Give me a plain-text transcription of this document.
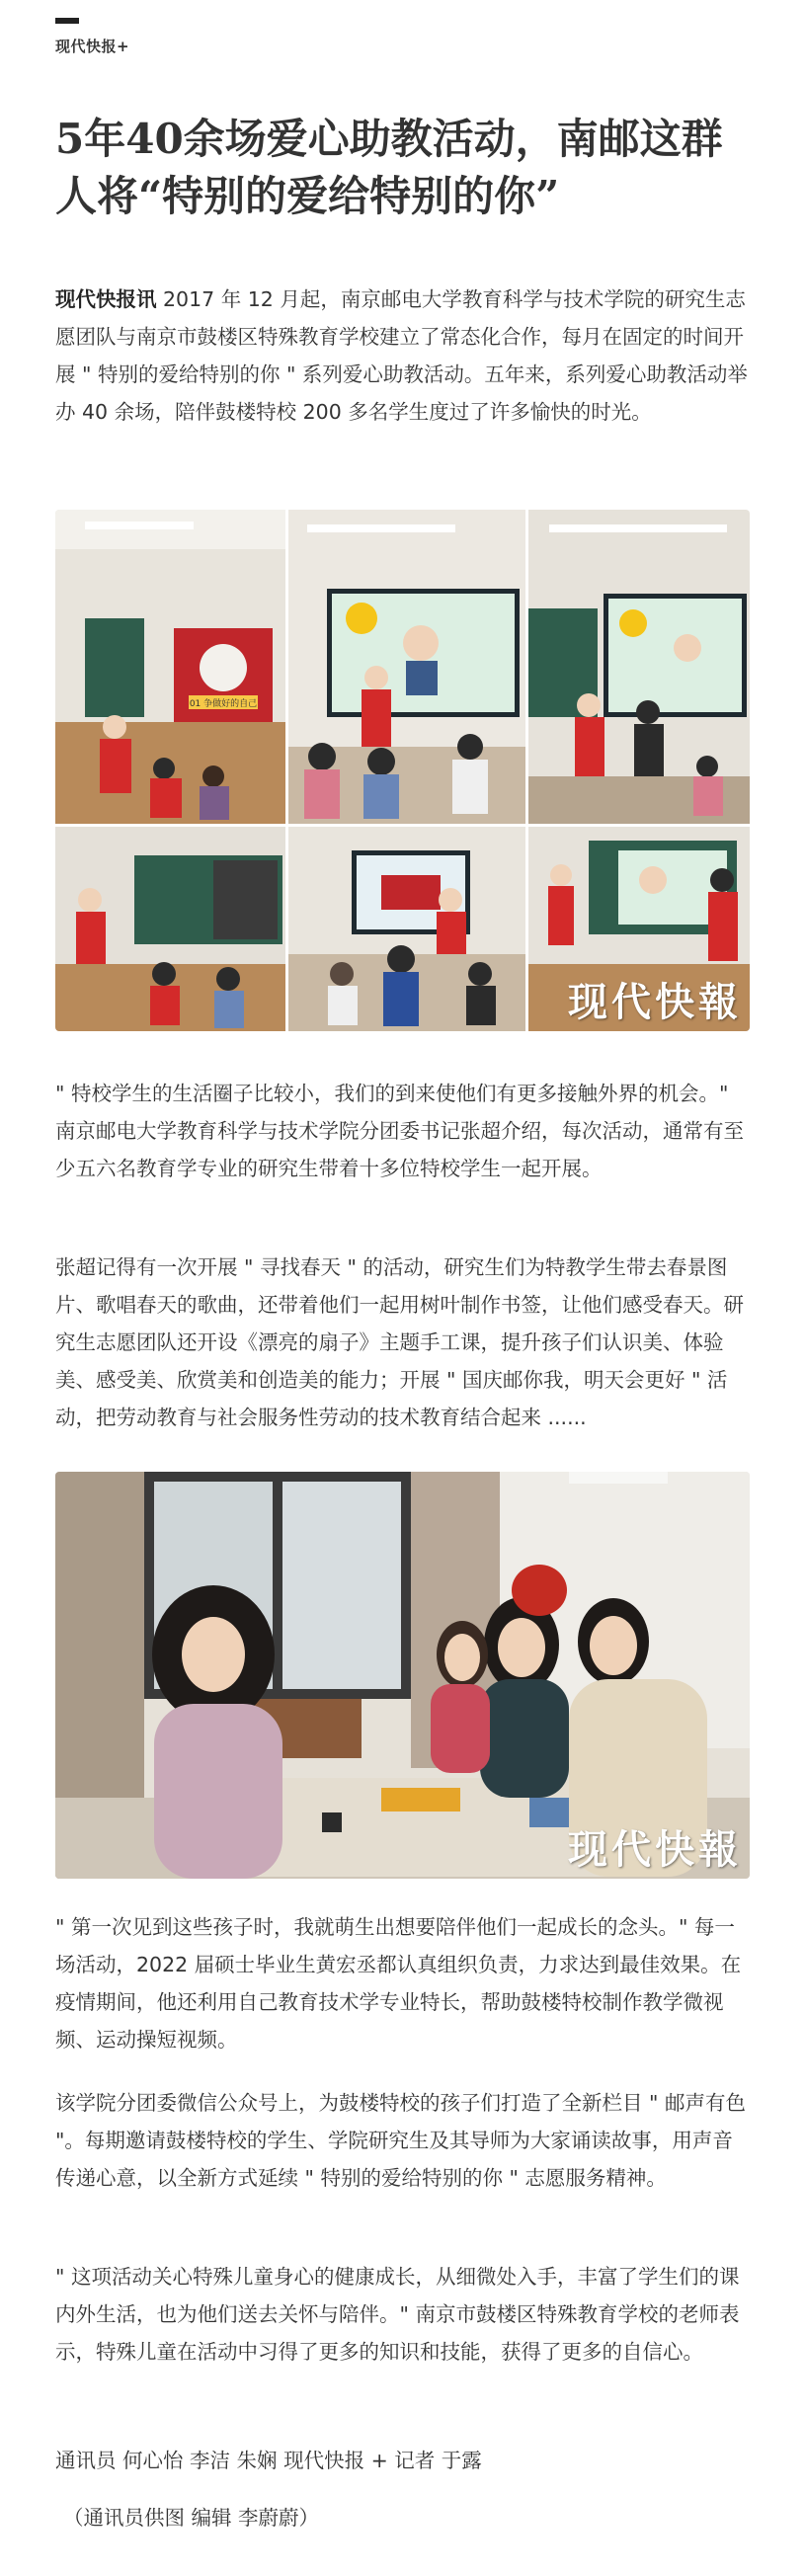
现代快报+
5年40余场爱心助教活动，南邮这群人将“特别的爱给特别的你”

现代快报讯 2017 年 12 月起，南京邮电大学教育科学与技术学院的研究生志愿团队与南京市鼓楼区特殊教育学校建立了常态化合作，每月在固定的时间开展 " 特别的爱给特别的你 " 系列爱心助教活动。五年来，系列爱心助教活动举办 40 余场，陪伴鼓楼特校 200 多名学生度过了许多愉快的时光。

01 争做好的自己
现代快報

" 特校学生的生活圈子比较小，我们的到来使他们有更多接触外界的机会。" 南京邮电大学教育科学与技术学院分团委书记张超介绍，每次活动，通常有至少五六名教育学专业的研究生带着十多位特校学生一起开展。

张超记得有一次开展 " 寻找春天 " 的活动，研究生们为特教学生带去春景图片、歌唱春天的歌曲，还带着他们一起用树叶制作书签，让他们感受春天。研究生志愿团队还开设《漂亮的扇子》主题手工课，提升孩子们认识美、体验美、感受美、欣赏美和创造美的能力；开展 " 国庆邮你我，明天会更好 " 活动，把劳动教育与社会服务性劳动的技术教育结合起来 ......

现代快報

" 第一次见到这些孩子时，我就萌生出想要陪伴他们一起成长的念头。" 每一场活动，2022 届硕士毕业生黄宏丞都认真组织负责，力求达到最佳效果。在疫情期间，他还利用自己教育技术学专业特长，帮助鼓楼特校制作教学微视频、运动操短视频。

该学院分团委微信公众号上，为鼓楼特校的孩子们打造了全新栏目 " 邮声有色 "。每期邀请鼓楼特校的学生、学院研究生及其导师为大家诵读故事，用声音传递心意，以全新方式延续 " 特别的爱给特别的你 " 志愿服务精神。

" 这项活动关心特殊儿童身心的健康成长，从细微处入手，丰富了学生们的课内外生活，也为他们送去关怀与陪伴。" 南京市鼓楼区特殊教育学校的老师表示，特殊儿童在活动中习得了更多的知识和技能，获得了更多的自信心。

通讯员 何心怡 李洁 朱娴 现代快报 + 记者 于露

（通讯员供图 编辑 李蔚蔚）
